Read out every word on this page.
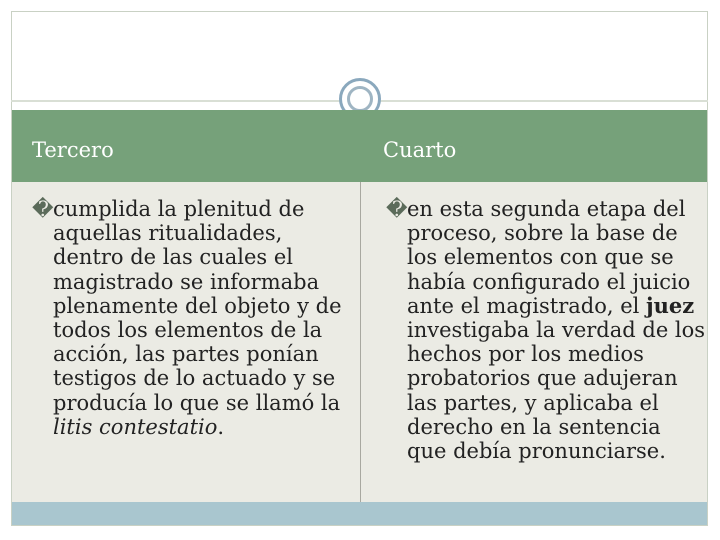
Tercero	Cuarto

�cumplida la plenitud de aquellas ritualidades, dentro de las cuales el magistrado se informaba plenamente del objeto y de todos los elementos de la acción, las partes ponían testigos de lo actuado y se producía lo que se llamó la litis contestatio.

�en esta segunda etapa del proceso, sobre la base de los elementos con que se había configurado el juicio ante el magistrado, el juez investigaba la verdad de los hechos por los medios probatorios que adujeran las partes, y aplicaba el derecho en la sentencia que debía pronunciarse.
